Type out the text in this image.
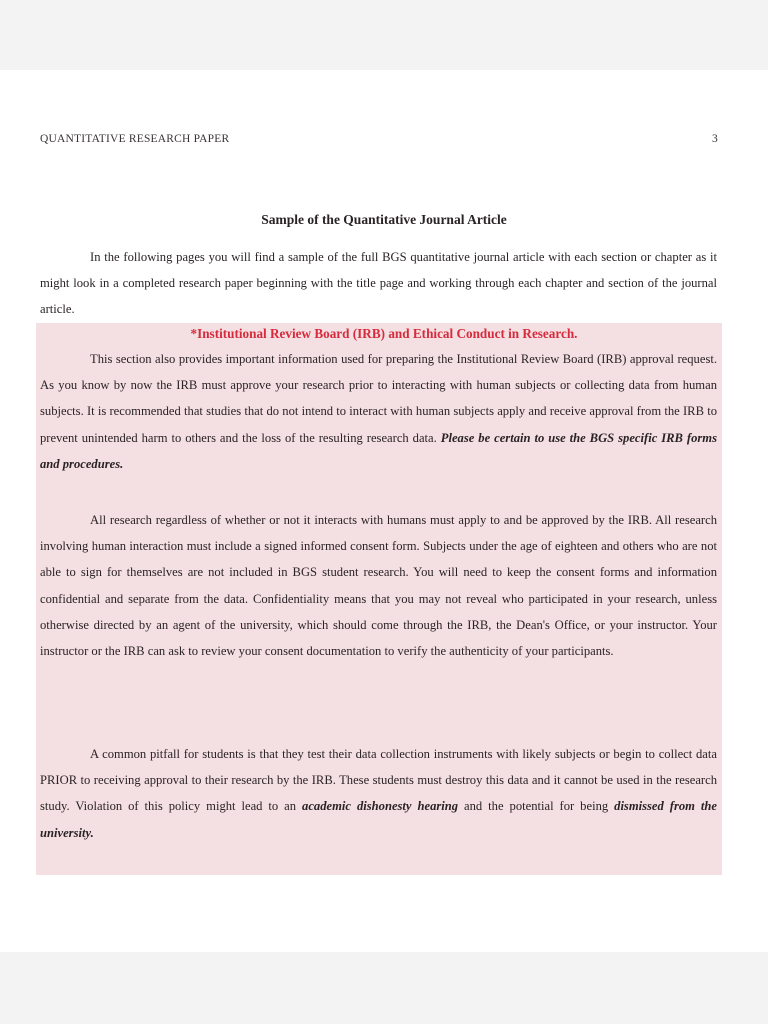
QUANTITATIVE RESEARCH PAPER	3
Sample of the Quantitative Journal Article

In the following pages you will find a sample of the full BGS quantitative journal article with each section or chapter as it might look in a completed research paper beginning with the title page and working through each chapter and section of the journal article.

*Institutional Review Board (IRB) and Ethical Conduct in Research.

This section also provides important information used for preparing the Institutional Review Board (IRB) approval request. As you know by now the IRB must approve your research prior to interacting with human subjects or collecting data from human subjects. It is recommended that studies that do not intend to interact with human subjects apply and receive approval from the IRB to prevent unintended harm to others and the loss of the resulting research data. Please be certain to use the BGS specific IRB forms and procedures.

All research regardless of whether or not it interacts with humans must apply to and be approved by the IRB. All research involving human interaction must include a signed informed consent form. Subjects under the age of eighteen and others who are not able to sign for themselves are not included in BGS student research. You will need to keep the consent forms and information confidential and separate from the data. Confidentiality means that you may not reveal who participated in your research, unless otherwise directed by an agent of the university, which should come through the IRB, the Dean's Office, or your instructor. Your instructor or the IRB can ask to review your consent documentation to verify the authenticity of your participants.

A common pitfall for students is that they test their data collection instruments with likely subjects or begin to collect data PRIOR to receiving approval to their research by the IRB. These students must destroy this data and it cannot be used in the research study. Violation of this policy might lead to an academic dishonesty hearing and the potential for being dismissed from the university.
